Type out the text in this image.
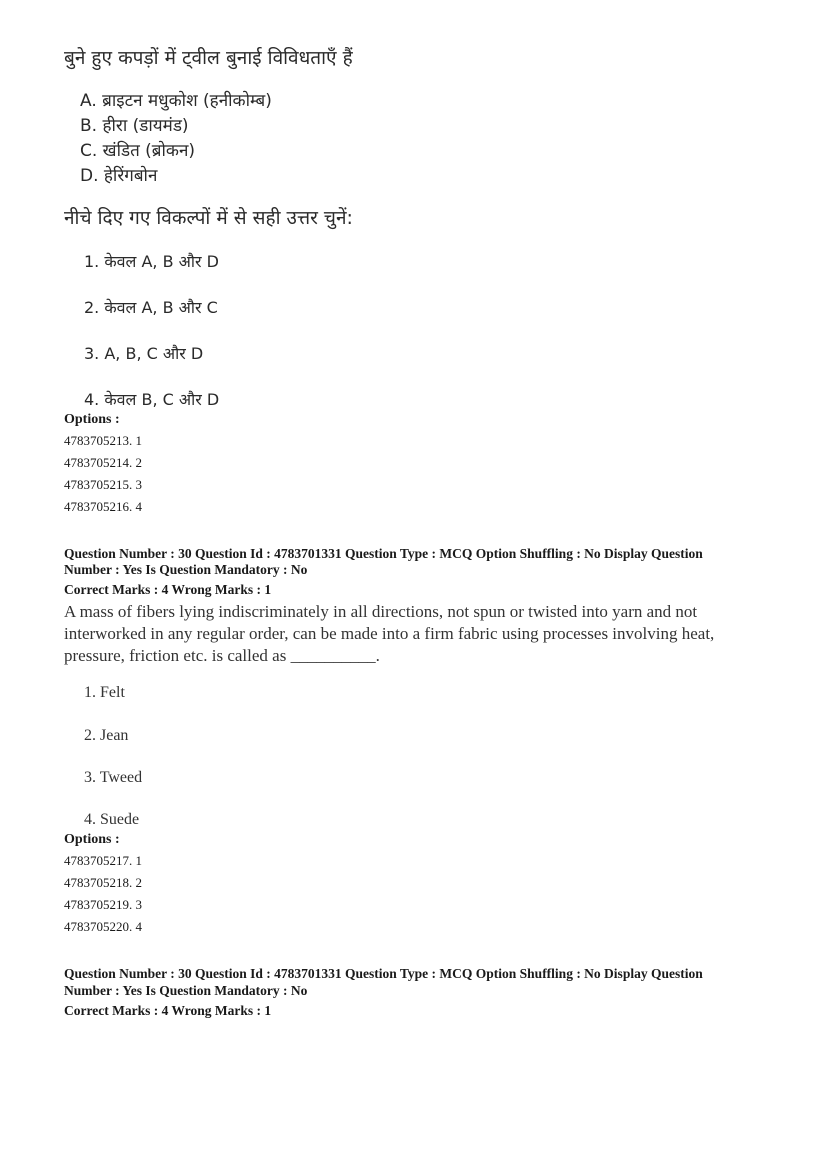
बुने हुए कपड़ों में ट्वील बुनाई विविधताएँ हैं
A. ब्राइटन मधुकोश (हनीकोम्ब)
B. हीरा (डायमंड)
C. खंडित (ब्रोकन)
D. हेरिंगबोन
नीचे दिए गए विकल्पों में से सही उत्तर चुनें:
1. केवल A, B और D
2. केवल A, B और C
3. A, B, C और D
4. केवल B, C और D
Options :
4783705213. 1
4783705214. 2
4783705215. 3
4783705216. 4
Question Number : 30 Question Id : 4783701331 Question Type : MCQ Option Shuffling : No Display Question
Number : Yes Is Question Mandatory : No
Correct Marks : 4 Wrong Marks : 1
A mass of fibers lying indiscriminately in all directions, not spun or twisted into yarn and not
interworked in any regular order, can be made into a firm fabric using processes involving heat,
pressure, friction etc. is called as __________.
1. Felt
2. Jean
3. Tweed
4. Suede
Options :
4783705217. 1
4783705218. 2
4783705219. 3
4783705220. 4
Question Number : 30 Question Id : 4783701331 Question Type : MCQ Option Shuffling : No Display Question
Number : Yes Is Question Mandatory : No
Correct Marks : 4 Wrong Marks : 1
